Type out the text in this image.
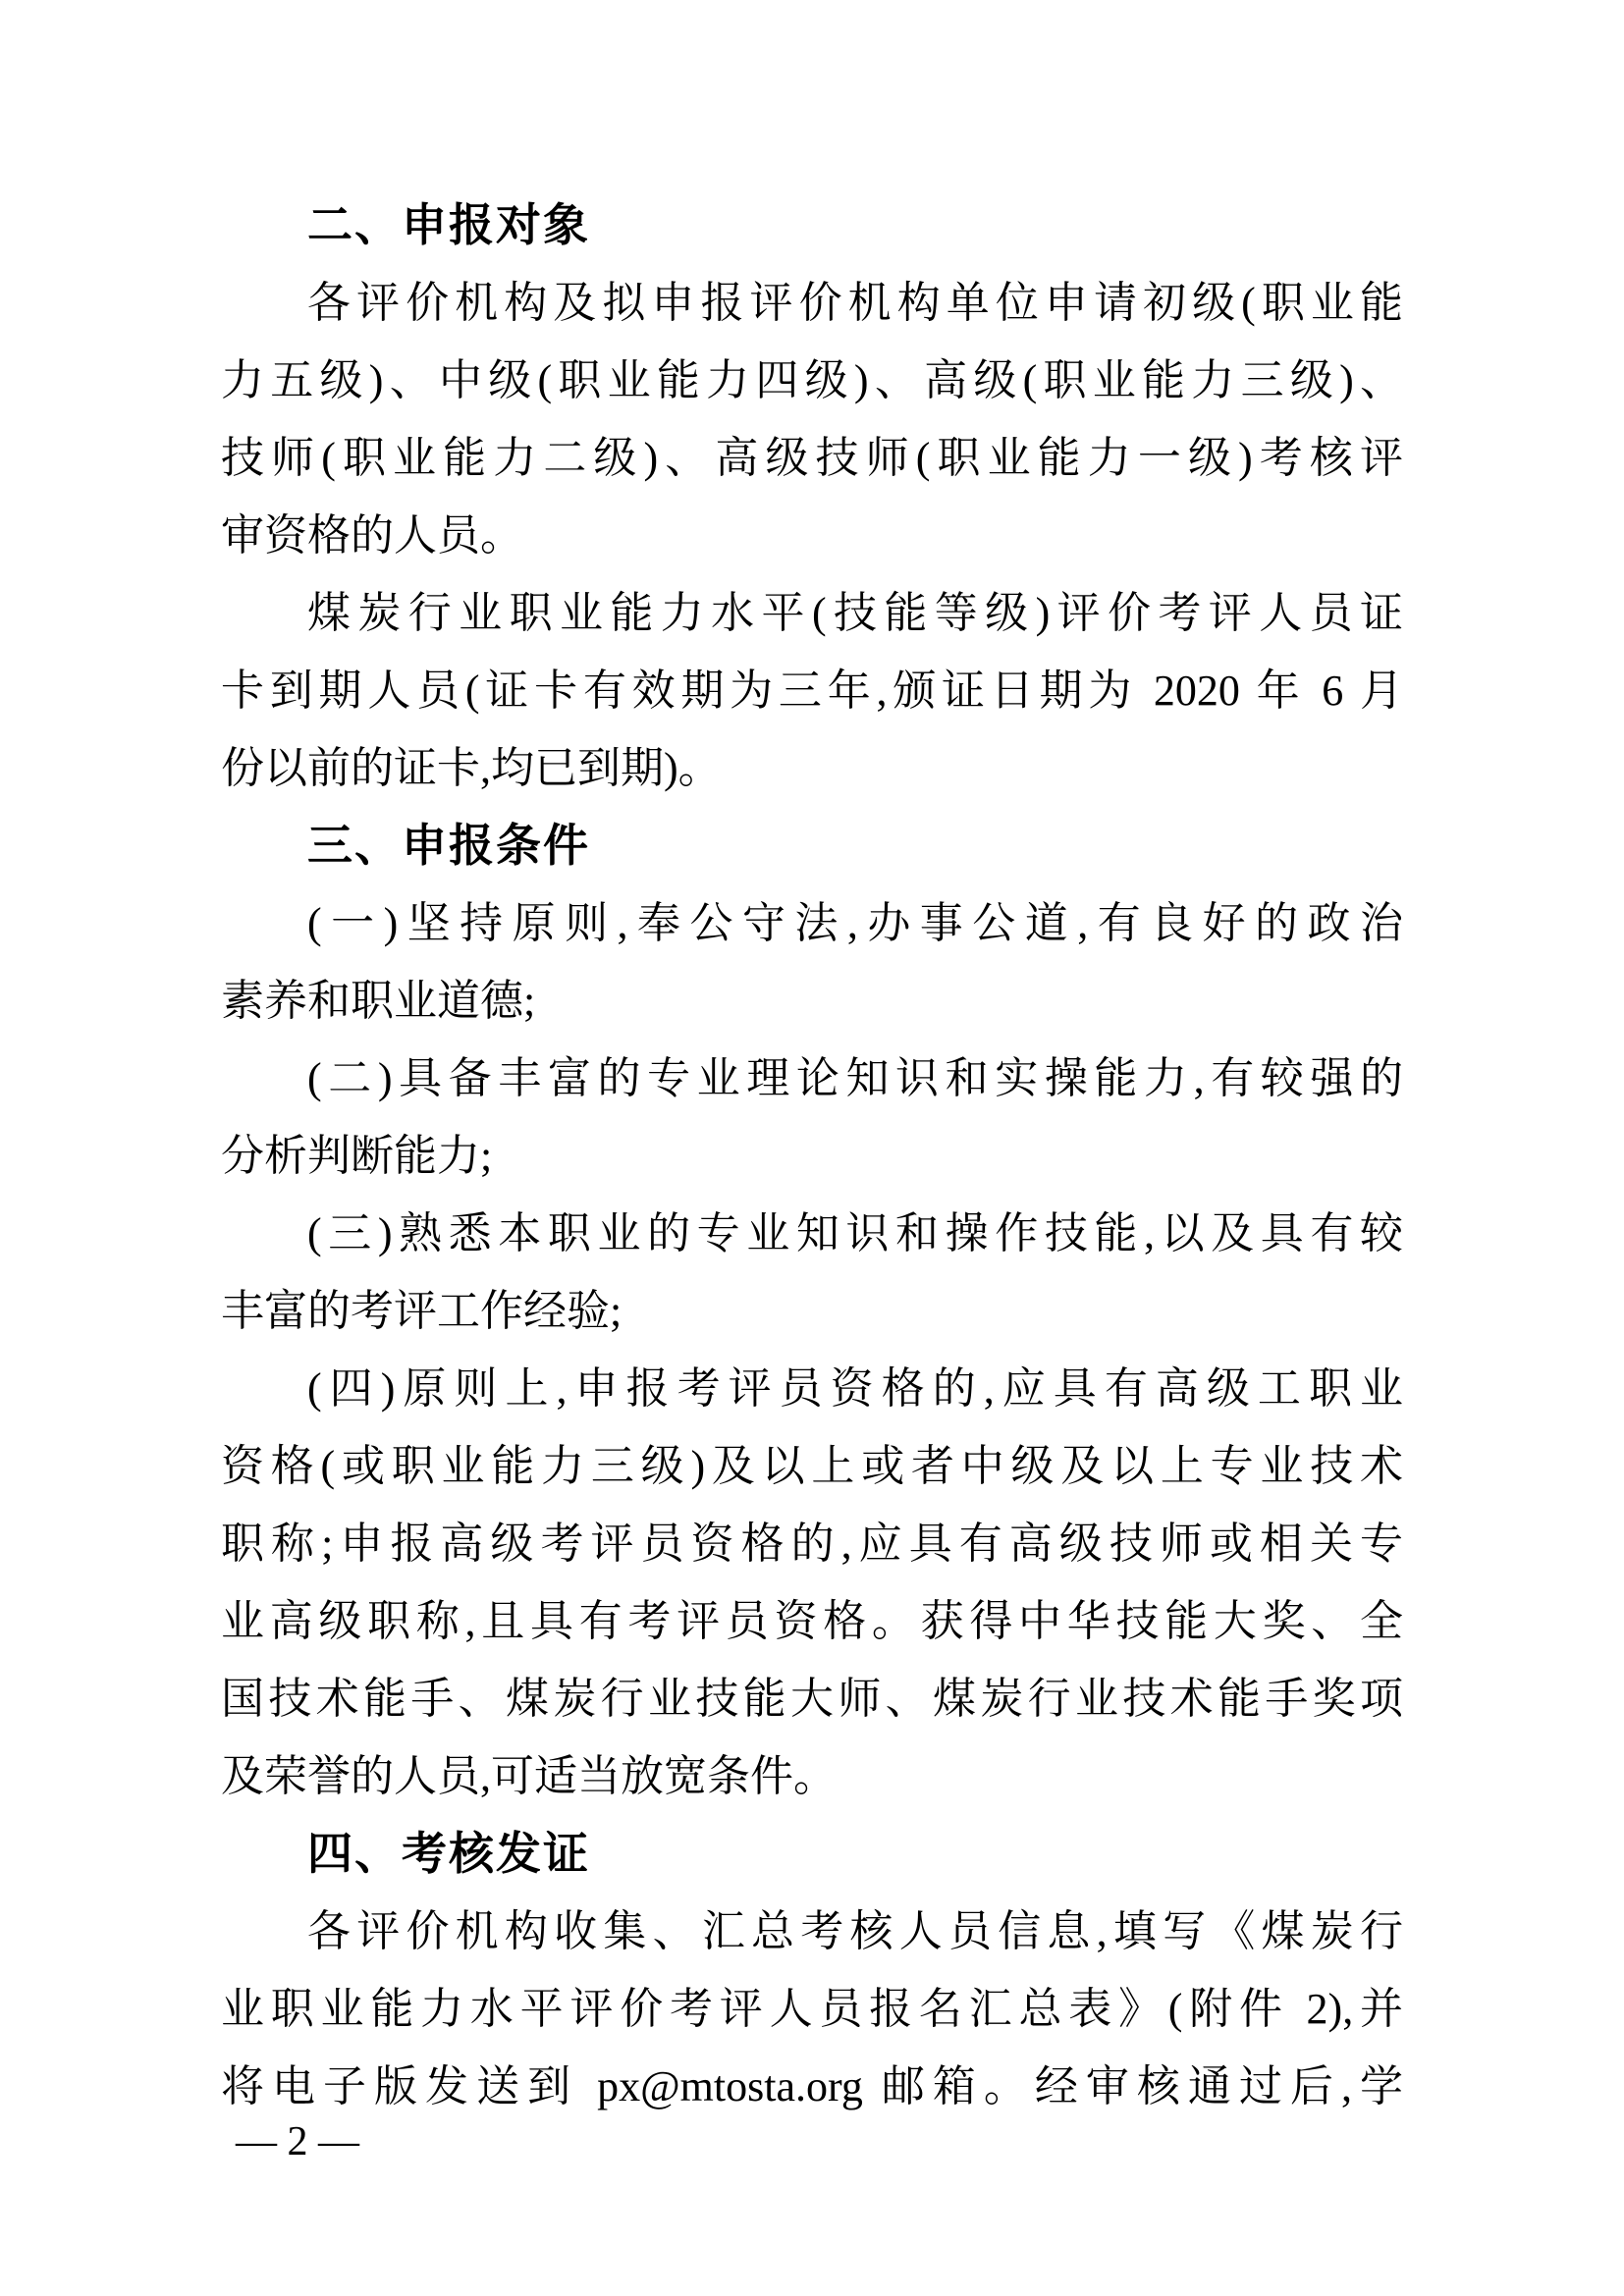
二、申报对象
各评价机构及拟申报评价机构单位申请初级(职业能
力五级)、中级(职业能力四级)、高级(职业能力三级)、
技师(职业能力二级)、高级技师(职业能力一级)考核评
审资格的人员。
煤炭行业职业能力水平(技能等级)评价考评人员证
卡到期人员(证卡有效期为三年,颁证日期为 2020 年 6 月
份以前的证卡,均已到期)。
三、申报条件
(一)坚持原则,奉公守法,办事公道,有良好的政治
素养和职业道德;
(二)具备丰富的专业理论知识和实操能力,有较强的
分析判断能力;
(三)熟悉本职业的专业知识和操作技能,以及具有较
丰富的考评工作经验;
(四)原则上,申报考评员资格的,应具有高级工职业
资格(或职业能力三级)及以上或者中级及以上专业技术
职称;申报高级考评员资格的,应具有高级技师或相关专
业高级职称,且具有考评员资格。获得中华技能大奖、全
国技术能手、煤炭行业技能大师、煤炭行业技术能手奖项
及荣誉的人员,可适当放宽条件。
四、考核发证
各评价机构收集、汇总考核人员信息,填写《煤炭行
业职业能力水平评价考评人员报名汇总表》(附件 2),并
将电子版发送到 px@mtosta.org 邮箱。经审核通过后,学
— 2 —
